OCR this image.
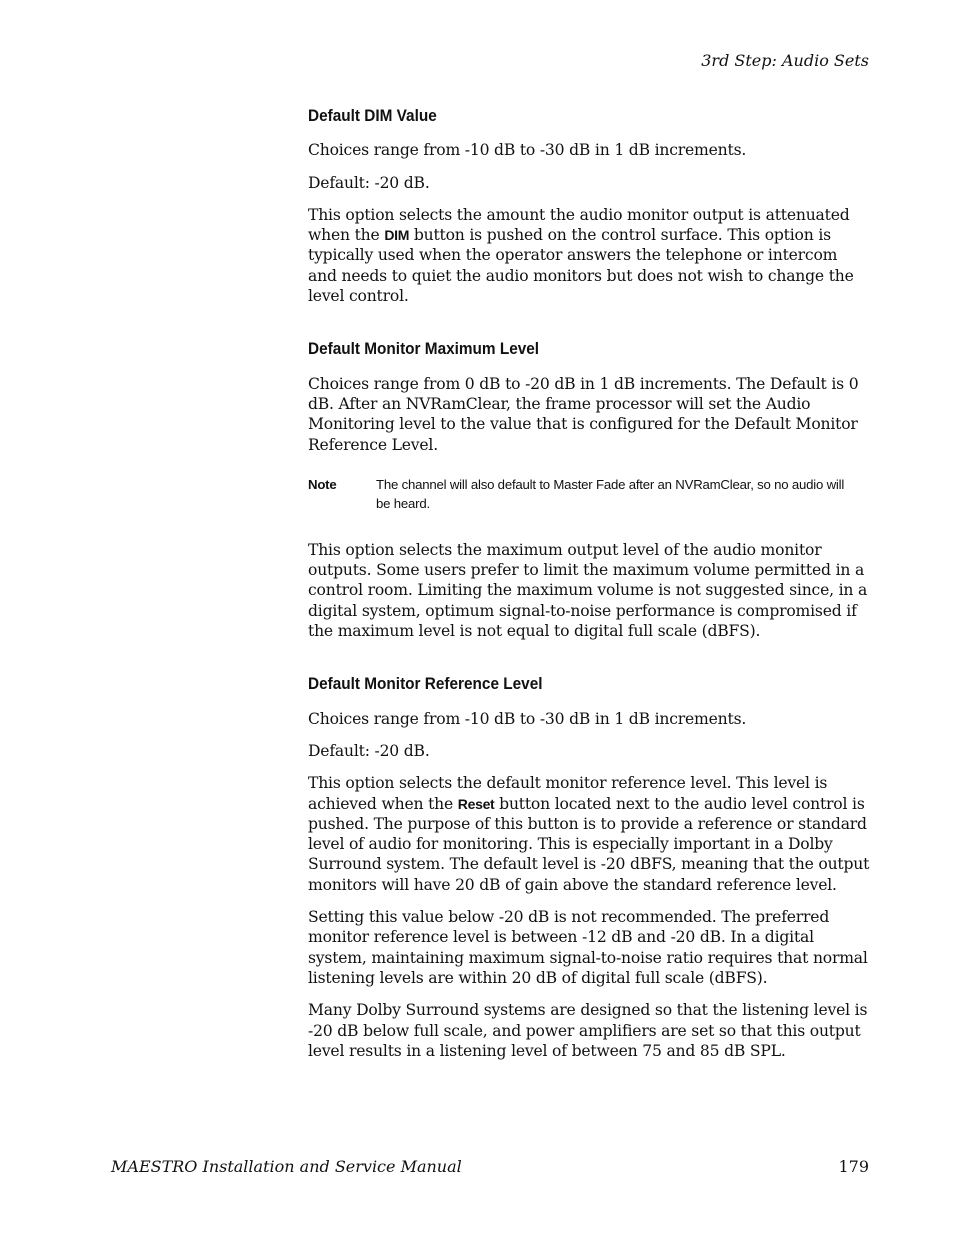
3rd Step: Audio Sets
Default DIM Value

Choices range from -10 dB to -30 dB in 1 dB increments.

Default: -20 dB.

This option selects the amount the audio monitor output is attenuated when the DIM button is pushed on the control surface. This option is typically used when the operator answers the telephone or intercom and needs to quiet the audio monitors but does not wish to change the level control.

Default Monitor Maximum Level

Choices range from 0 dB to -20 dB in 1 dB increments. The Default is 0 dB. After an NVRamClear, the frame processor will set the Audio Monitoring level to the value that is configured for the Default Monitor Reference Level.

Note	The channel will also default to Master Fade after an NVRamClear, so no audio will be heard.

This option selects the maximum output level of the audio monitor outputs. Some users prefer to limit the maximum volume permitted in a control room. Limiting the maximum volume is not suggested since, in a digital system, optimum signal-to-noise performance is compromised if the maximum level is not equal to digital full scale (dBFS).

Default Monitor Reference Level

Choices range from -10 dB to -30 dB in 1 dB increments.

Default: -20 dB.

This option selects the default monitor reference level. This level is achieved when the Reset button located next to the audio level control is pushed. The purpose of this button is to provide a reference or standard level of audio for monitoring. This is especially important in a Dolby Surround system. The default level is -20 dBFS, meaning that the output monitors will have 20 dB of gain above the standard reference level.

Setting this value below -20 dB is not recommended. The preferred monitor reference level is between -12 dB and -20 dB. In a digital system, maintaining maximum signal-to-noise ratio requires that normal listening levels are within 20 dB of digital full scale (dBFS).

Many Dolby Surround systems are designed so that the listening level is -20 dB below full scale, and power amplifiers are set so that this output level results in a listening level of between 75 and 85 dB SPL.

MAESTRO Installation and Service Manual	179
